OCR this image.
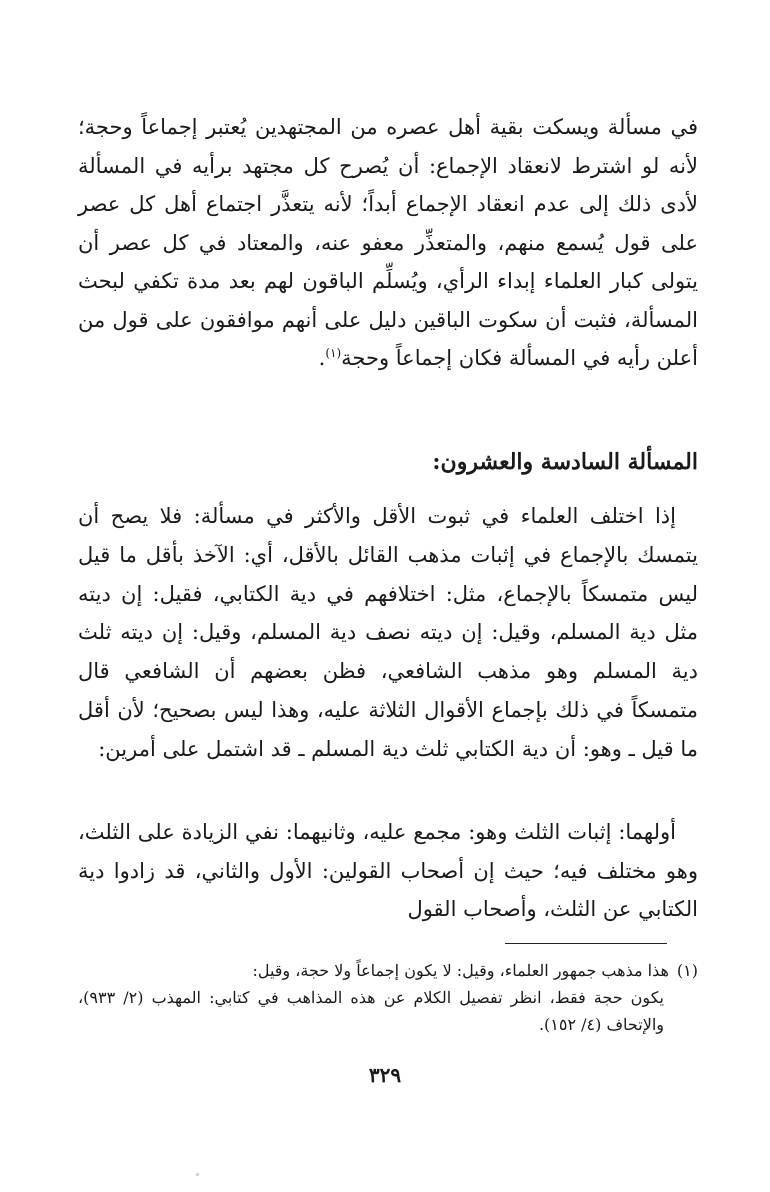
في مسألة ويسكت بقية أهل عصره من المجتهدين يُعتبر إجماعاً وحجة؛ لأنه لو اشترط لانعقاد الإجماع: أن يُصرح كل مجتهد برأيه في المسألة لأدى ذلك إلى عدم انعقاد الإجماع أبداً؛ لأنه يتعذَّر اجتماع أهل كل عصر على قول يُسمع منهم، والمتعذِّر معفو عنه، والمعتاد في كل عصر أن يتولى كبار العلماء إبداء الرأي، ويُسلِّم الباقون لهم بعد مدة تكفي لبحث المسألة، فثبت أن سكوت الباقين دليل على أنهم موافقون على قول من أعلن رأيه في المسألة فكان إجماعاً وحجة$^{(١)}$.

المسألة السادسة والعشرون:

إذا اختلف العلماء في ثبوت الأقل والأكثر في مسألة: فلا يصح أن يتمسك بالإجماع في إثبات مذهب القائل بالأقل، أي: الآخذ بأقل ما قيل ليس متمسكاً بالإجماع، مثل: اختلافهم في دية الكتابي، فقيل: إن ديته مثل دية المسلم، وقيل: إن ديته نصف دية المسلم، وقيل: إن ديته ثلث دية المسلم وهو مذهب الشافعي، فظن بعضهم أن الشافعي قال متمسكاً في ذلك بإجماع الأقوال الثلاثة عليه، وهذا ليس بصحيح؛ لأن أقل ما قيل ـ وهو: أن دية الكتابي ثلث دية المسلم ـ قد اشتمل على أمرين:

أولهما: إثبات الثلث وهو: مجمع عليه، وثانيهما: نفي الزيادة على الثلث، وهو مختلف فيه؛ حيث إن أصحاب القولين: الأول والثاني، قد زادوا دية الكتابي عن الثلث، وأصحاب القول

(١)هذا مذهب جمهور العلماء، وقيل: لا يكون إجماعاً ولا حجة، وقيل:
يكون حجة فقط، انظر تفصيل الكلام عن هذه المذاهب في كتابي: المهذب (٢/ ٩٣٣)، والإتحاف (٤/ ١٥٢).
٣٢٩
